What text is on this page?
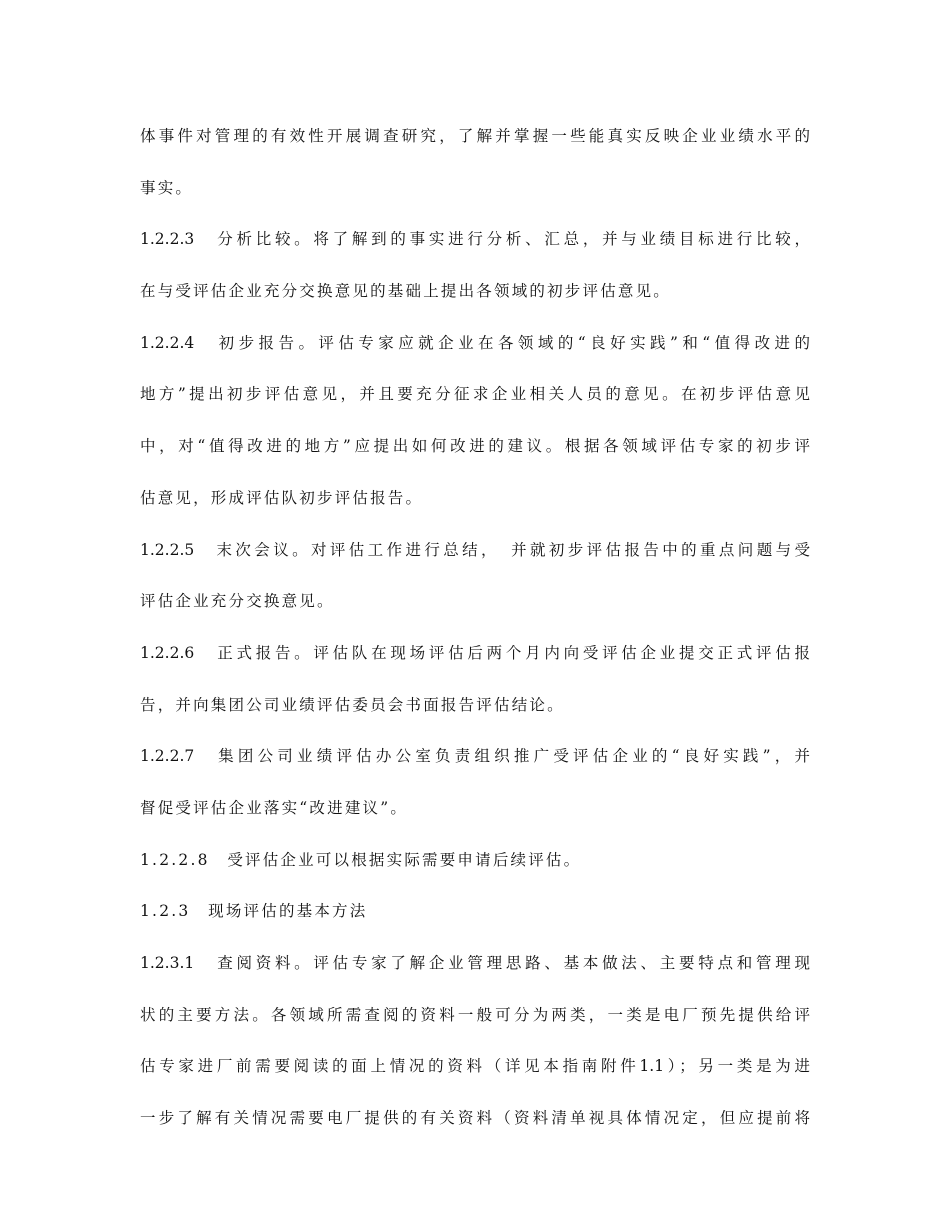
体事件对管理的有效性开展调查研究，了解并掌握一些能真实反映企业业绩水平的
事实。
1.2.2.3　分析比较。将了解到的事实进行分析、汇总，并与业绩目标进行比较，
在与受评估企业充分交换意见的基础上提出各领域的初步评估意见。
1.2.2.4　初步报告。评估专家应就企业在各领域的“良好实践”和“值得改进的
地方”提出初步评估意见，并且要充分征求企业相关人员的意见。在初步评估意见
中，对“值得改进的地方”应提出如何改进的建议。根据各领域评估专家的初步评
估意见，形成评估队初步评估报告。
1.2.2.5　末次会议。对评估工作进行总结，　并就初步评估报告中的重点问题与受
评估企业充分交换意见。
1.2.2.6　正式报告。评估队在现场评估后两个月内向受评估企业提交正式评估报
告，并向集团公司业绩评估委员会书面报告评估结论。
1.2.2.7　集团公司业绩评估办公室负责组织推广受评估企业的“良好实践”，并
督促受评估企业落实“改进建议”。
1.2.2.8　受评估企业可以根据实际需要申请后续评估。
1.2.3　现场评估的基本方法
1.2.3.1　查阅资料。评估专家了解企业管理思路、基本做法、主要特点和管理现
状的主要方法。各领域所需查阅的资料一般可分为两类，一类是电厂预先提供给评
估专家进厂前需要阅读的面上情况的资料（详见本指南附件1.1）；另一类是为进
一步了解有关情况需要电厂提供的有关资料（资料清单视具体情况定，但应提前将
